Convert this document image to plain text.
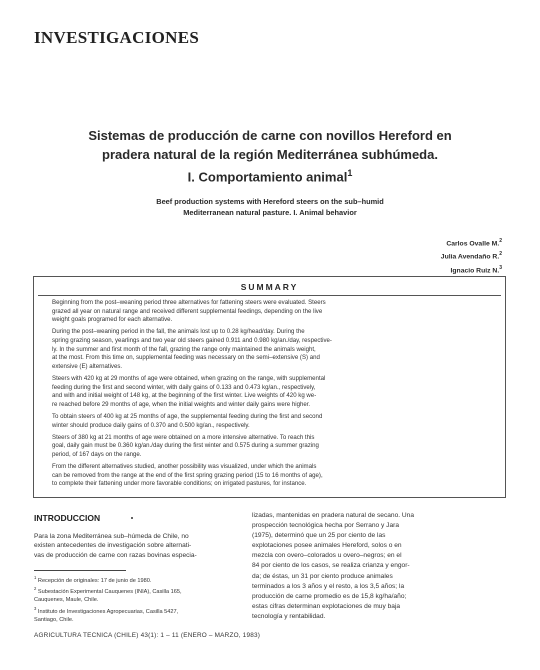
INVESTIGACIONES
Sistemas de producción de carne con novillos Hereford en
pradera natural de la región Mediterránea subhúmeda.
I. Comportamiento animal$^1$
Beef production systems with Hereford steers on the sub–humid
Mediterranean natural pasture. I. Animal behavior
Carlos Ovalle M.$^2$
Julia Avendaño R.$^2$
Ignacio Ruiz N.$^3$
SUMMARY

Beginning from the post–weaning period three alternatives for fattening steers were evaluated. Steers
grazed all year on natural range and received different supplemental feedings, depending on the live
weight goals programed for each alternative.

During the post–weaning period in the fall, the animals lost up to 0.28 kg/head/day. During the
spring grazing season, yearlings and two year old steers gained 0.911 and 0.980 kg/an./day, respective-
ly. In the summer and first month of the fall, grazing the range only maintained the animals weight,
at the most. From this time on, supplemental feeding was necessary on the semi–extensive (S) and
extensive (E) alternatives.

Steers with 420 kg at 29 months of age were obtained, when grazing on the range, with supplemental
feeding during the first and second winter, with daily gains of 0.133 and 0.473 kg/an., respectively,
and with and initial weight of 148 kg, at the beginning of the first winter. Live weights of 420 kg we-
re reached before 29 months of age, when the initial weights and winter daily gains were higher.

To obtain steers of 400 kg at 25 months of age, the supplemental feeding during the first and second
winter should produce daily gains of 0.370 and 0.500 kg/an., respectively.

Steers of 380 kg at 21 months of age were obtained on a more intensive alternative. To reach this
goal, daily gain must be 0.360 kg/an./day during the first winter and 0.575 during a summer grazing
period, of 167 days on the range.

From the different alternatives studied, another possibility was visualized, under which the animals
can be removed from the range at the end of the first spring grazing period (15 to 16 months of age),
to complete their fattening under more favorable conditions; on irrigated pastures, for instance.

INTRODUCCION
Para la zona Mediterránea sub–húmeda de Chile, no
existen antecedentes de investigación sobre alternati-
vas de producción de carne con razas bovinas especia-
$^1$ Recepción de originales: 17 de junio de 1980.
$^2$ Subestación Experimental Cauquenes (INIA), Casilla 165,
Cauquenes, Maule, Chile.
$^3$ Instituto de Investigaciones Agropecuarias, Casilla 5427,
Santiago, Chile.
lizadas, mantenidas en pradera natural de secano. Una
prospección tecnológica hecha por Serrano y Jara
(1975), determinó que un 25 por ciento de las
explotaciones posee animales Hereford, solos o en
mezcla con overo–colorados u overo–negros; en el
84 por ciento de los casos, se realiza crianza y engor-
da; de éstas, un 31 por ciento produce animales
terminados a los 3 años y el resto, a los 3,5 años; la
producción de carne promedio es de 15,8 kg/ha/año;
estas cifras determinan explotaciones de muy baja
tecnología y rentabilidad.
AGRICULTURA TECNICA (CHILE) 43(1): 1 – 11 (ENERO – MARZO, 1983)
